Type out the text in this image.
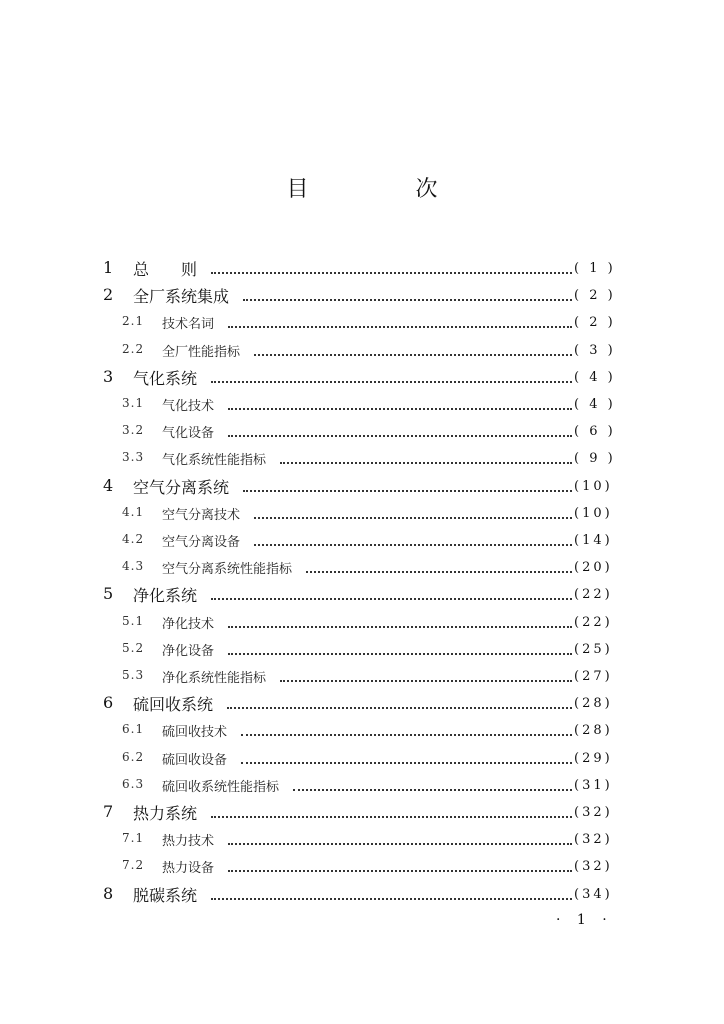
目 次
1 总　　则	( 1 )
2 全厂系统集成	( 2 )
2.1 技术名词	( 2 )
2.2 全厂性能指标	( 3 )
3 气化系统	( 4 )
3.1 气化技术	( 4 )
3.2 气化设备	( 6 )
3.3 气化系统性能指标	( 9 )
4 空气分离系统	(10)
4.1 空气分离技术	(10)
4.2 空气分离设备	(14)
4.3 空气分离系统性能指标	(20)
5 净化系统	(22)
5.1 净化技术	(22)
5.2 净化设备	(25)
5.3 净化系统性能指标	(27)
6 硫回收系统	(28)
6.1 硫回收技术	(28)
6.2 硫回收设备	(29)
6.3 硫回收系统性能指标	(31)
7 热力系统	(32)
7.1 热力技术	(32)
7.2 热力设备	(32)
8 脱碳系统	(34)
· 1 ·
